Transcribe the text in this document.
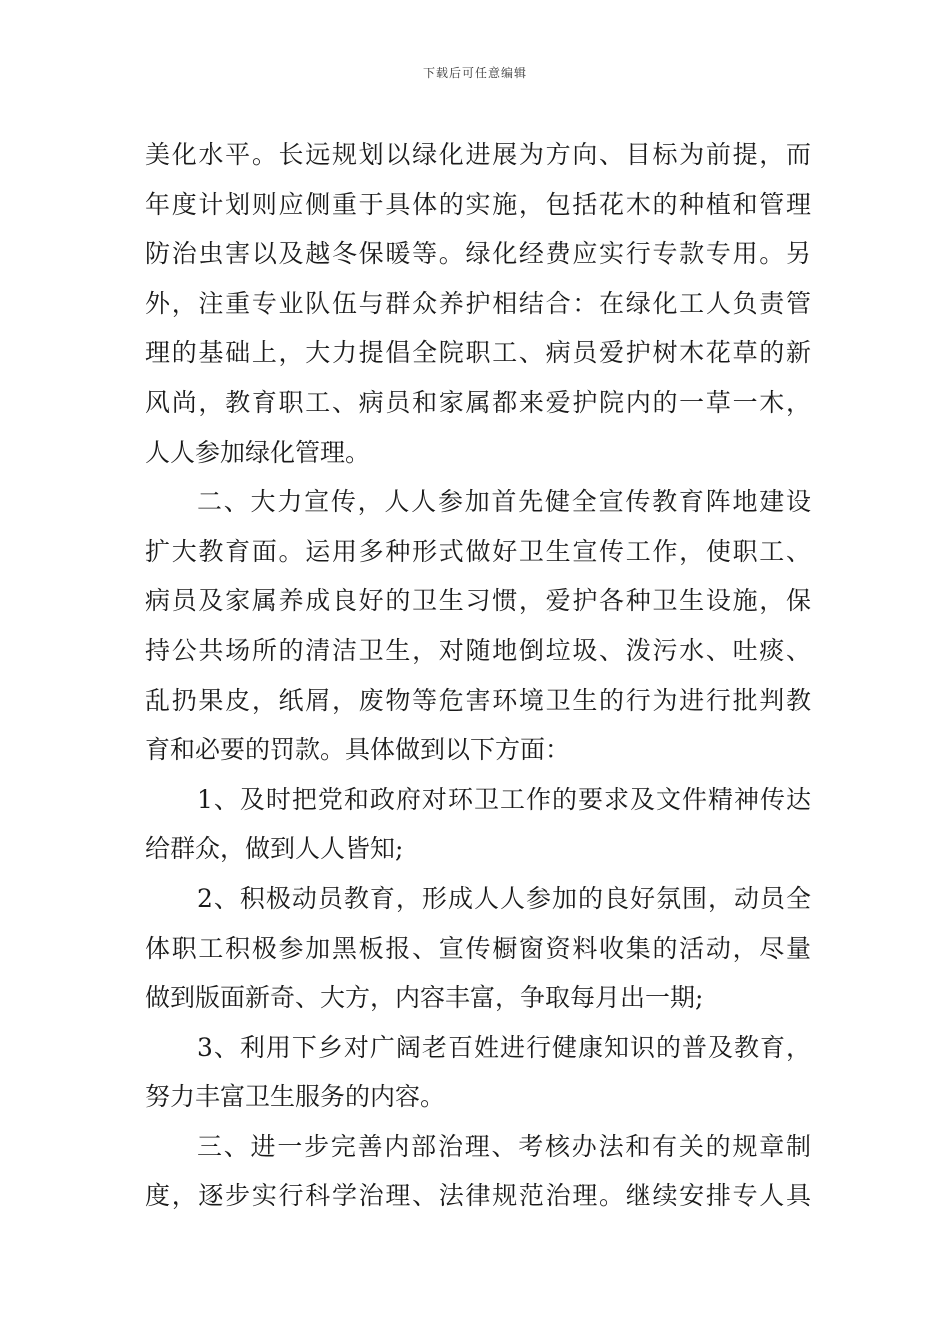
下载后可任意编辑
美化水平。长远规划以绿化进展为方向、目标为前提，而
年度计划则应侧重于具体的实施，包括花木的种植和管理
防治虫害以及越冬保暖等。绿化经费应实行专款专用。另
外，注重专业队伍与群众养护相结合：在绿化工人负责管
理的基础上，大力提倡全院职工、病员爱护树木花草的新
风尚，教育职工、病员和家属都来爱护院内的一草一木，
人人参加绿化管理。
二、大力宣传，人人参加首先健全宣传教育阵地建设
扩大教育面。运用多种形式做好卫生宣传工作，使职工、
病员及家属养成良好的卫生习惯，爱护各种卫生设施，保
持公共场所的清洁卫生，对随地倒垃圾、泼污水、吐痰、
乱扔果皮，纸屑，废物等危害环境卫生的行为进行批判教
育和必要的罚款。具体做到以下方面：
1、及时把党和政府对环卫工作的要求及文件精神传达
给群众，做到人人皆知;
2、积极动员教育，形成人人参加的良好氛围，动员全
体职工积极参加黑板报、宣传橱窗资料收集的活动，尽量
做到版面新奇、大方，内容丰富，争取每月出一期;
3、利用下乡对广阔老百姓进行健康知识的普及教育，
努力丰富卫生服务的内容。
三、进一步完善内部治理、考核办法和有关的规章制
度，逐步实行科学治理、法律规范治理。继续安排专人具
